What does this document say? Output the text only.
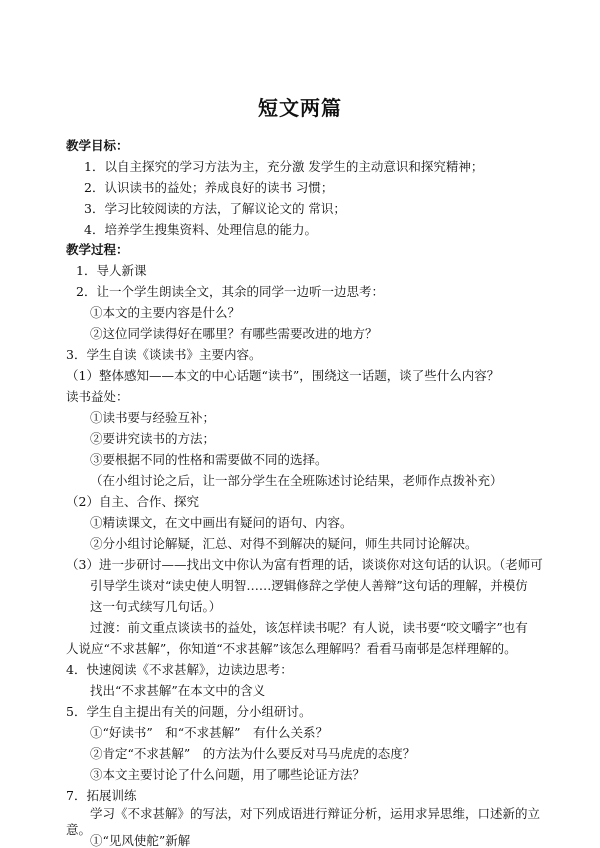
短文两篇
教学目标：
1．以自主探究的学习方法为主，充分激 发学生的主动意识和探究精神；
2．认识读书的益处；养成良好的读书 习惯；
3．学习比较阅读的方法，了解议论文的 常识；
4．培养学生搜集资料、处理信息的能力。
教学过程：
1．导人新课
2．让一个学生朗读全文，其余的同学一边听一边思考：
①本文的主要内容是什么？
②这位同学读得好在哪里？有哪些需要改进的地方？
3．学生自读《谈读书》主要内容。
（1）整体感知——本文的中心话题“读书”，围绕这一话题，谈了些什么内容？
读书益处：
①读书要与经验互补；
②要讲究读书的方法；
③要根据不同的性格和需要做不同的选择。
（在小组讨论之后，让一部分学生在全班陈述讨论结果，老师作点拨补充）
（2）自主、合作、探究
①精读课文，在文中画出有疑问的语句、内容。
②分小组讨论解疑，汇总、对得不到解决的疑问，师生共同讨论解决。
（3）进一步研讨——找出文中你认为富有哲理的话，谈谈你对这句话的认识。（老师可
引导学生谈对“读史使人明智……逻辑修辞之学使人善辩”这句话的理解，并模仿
这一句式续写几句话。）
过渡：前文重点谈读书的益处，该怎样读书呢？有人说，读书要“咬文嚼字”也有
人说应“不求甚解”，你知道“不求甚解”该怎么理解吗？看看马南邨是怎样理解的。
4．快速阅读《不求甚解》，边读边思考：
找出“不求甚解”在本文中的含义
5．学生自主提出有关的问题，分小组研讨。
①“好读书”　和“不求甚解”　有什么关系？
②肯定“不求甚解”　的方法为什么要反对马马虎虎的态度？
③本文主要讨论了什么问题，用了哪些论证方法？
7．拓展训练
学习《不求甚解》的写法，对下列成语进行辩证分析，运用求异思维，口述新的立
意。
①“见风使舵”新解
